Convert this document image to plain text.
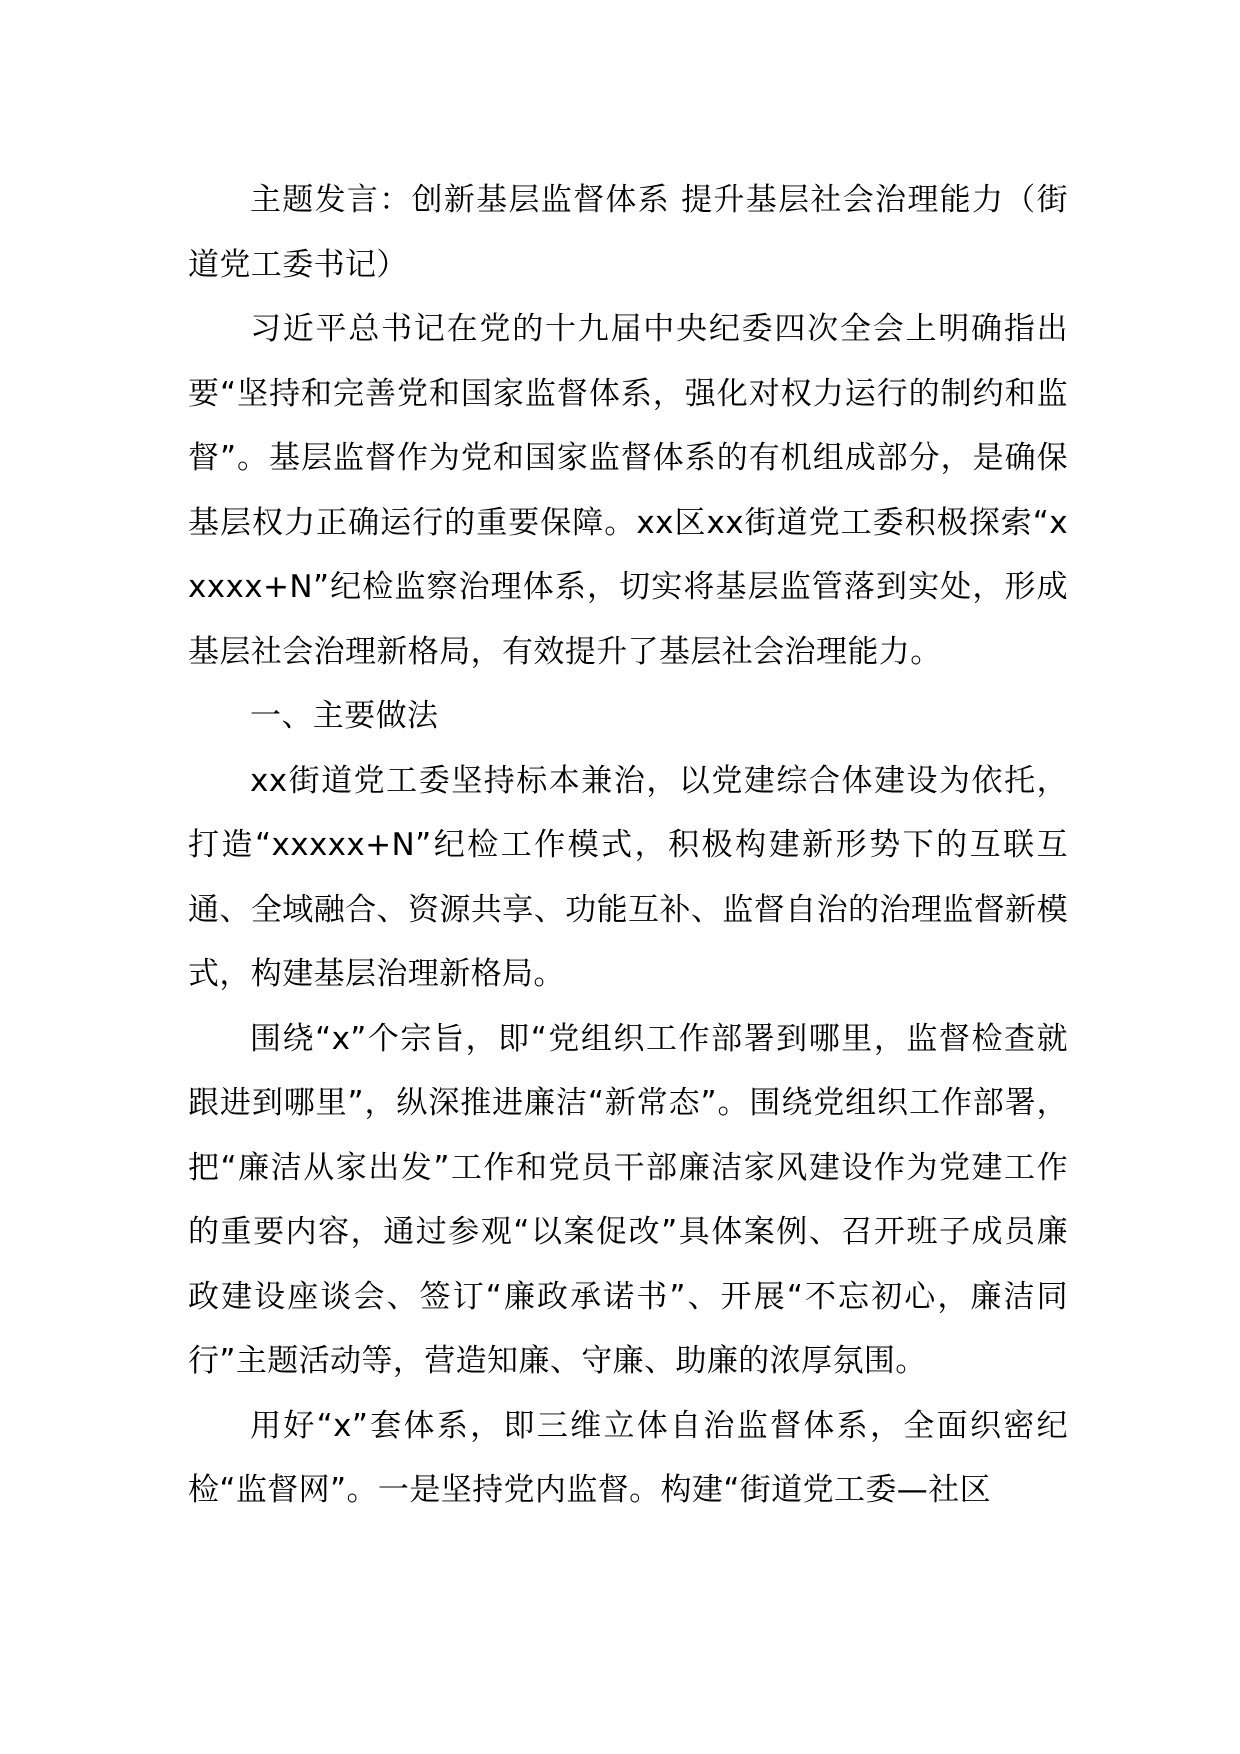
主题发言：创新基层监督体系 提升基层社会治理能力（街道党工委书记）

习近平总书记在党的十九届中央纪委四次全会上明确指出要“坚持和完善党和国家监督体系，强化对权力运行的制约和监督”。基层监督作为党和国家监督体系的有机组成部分，是确保基层权力正确运行的重要保障。xx区xx街道党工委积极探索“xxxxx+N”纪检监察治理体系，切实将基层监管落到实处，形成基层社会治理新格局，有效提升了基层社会治理能力。

一、主要做法

xx街道党工委坚持标本兼治，以党建综合体建设为依托，打造“xxxxx+N”纪检工作模式，积极构建新形势下的互联互通、全域融合、资源共享、功能互补、监督自治的治理监督新模式，构建基层治理新格局。

围绕“x”个宗旨，即“党组织工作部署到哪里，监督检查就跟进到哪里”，纵深推进廉洁“新常态”。围绕党组织工作部署，把“廉洁从家出发”工作和党员干部廉洁家风建设作为党建工作的重要内容，通过参观“以案促改”具体案例、召开班子成员廉政建设座谈会、签订“廉政承诺书”、开展“不忘初心，廉洁同行”主题活动等，营造知廉、守廉、助廉的浓厚氛围。

用好“x”套体系，即三维立体自治监督体系，全面织密纪检“监督网”。一是坚持党内监督。构建“街道党工委—社区
